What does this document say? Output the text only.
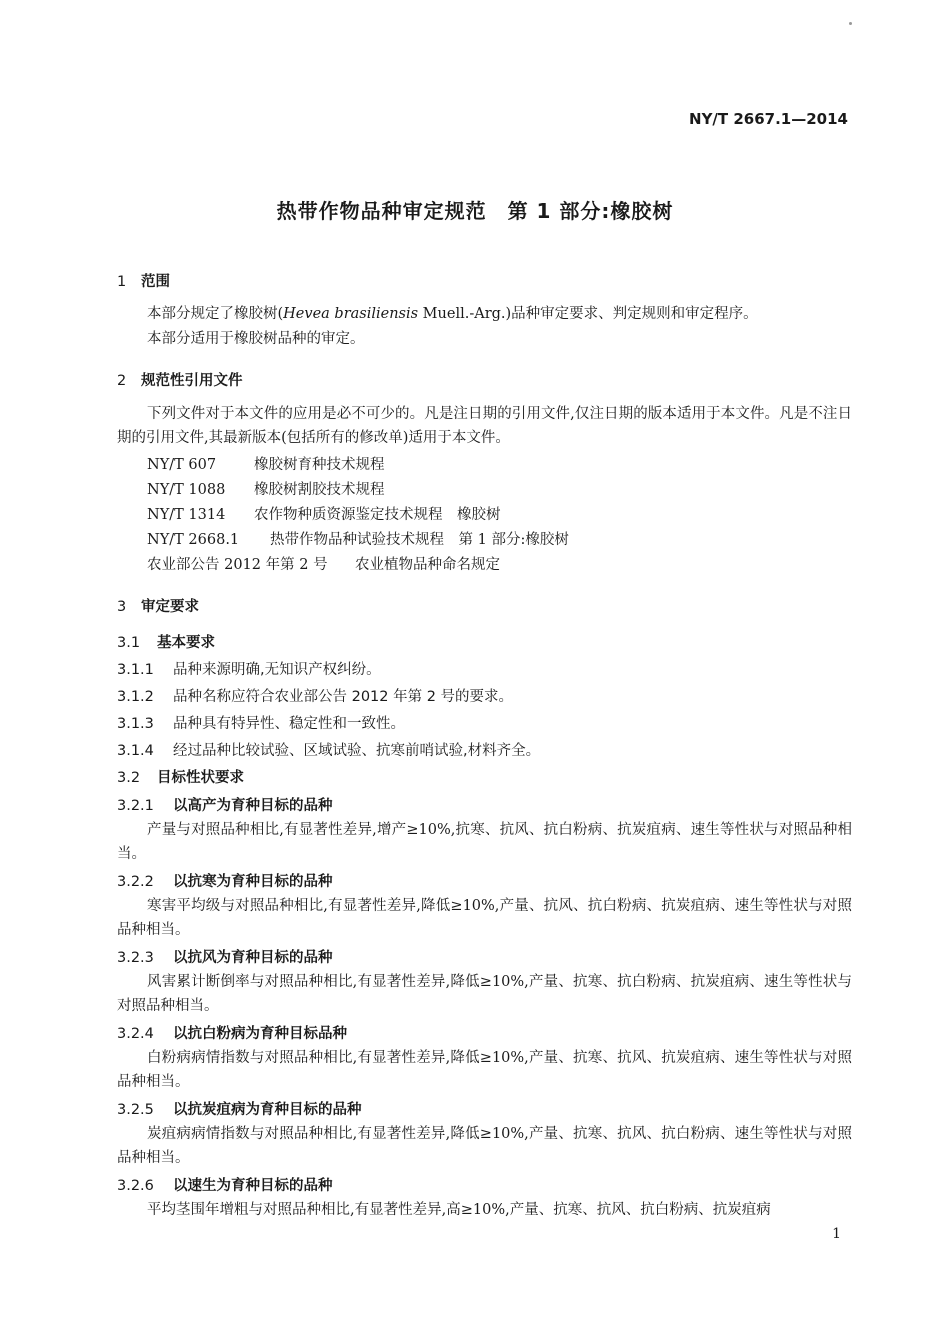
NY/T 2667.1—2014
热带作物品种审定规范　第 1 部分:橡胶树
1 范围
本部分规定了橡胶树(Hevea brasiliensis Muell.-Arg.)品种审定要求、判定规则和审定程序。
本部分适用于橡胶树品种的审定。
2 规范性引用文件
下列文件对于本文件的应用是必不可少的。凡是注日期的引用文件,仅注日期的版本适用于本文件。凡是不注日期的引用文件,其最新版本(包括所有的修改单)适用于本文件。
NY/T 607	橡胶树育种技术规程
NY/T 1088 橡胶树割胶技术规程
NY/T 1314 农作物种质资源鉴定技术规程　橡胶树
NY/T 2668.1 热带作物品种试验技术规程　第 1 部分:橡胶树
农业部公告 2012 年第 2 号 农业植物品种命名规定
3 审定要求
3.1 基本要求
3.1.1 品种来源明确,无知识产权纠纷。
3.1.2 品种名称应符合农业部公告 2012 年第 2 号的要求。
3.1.3 品种具有特异性、稳定性和一致性。
3.1.4 经过品种比较试验、区域试验、抗寒前哨试验,材料齐全。
3.2 目标性状要求
3.2.1 以高产为育种目标的品种
产量与对照品种相比,有显著性差异,增产≥10%,抗寒、抗风、抗白粉病、抗炭疽病、速生等性状与对照品种相当。
3.2.2 以抗寒为育种目标的品种
寒害平均级与对照品种相比,有显著性差异,降低≥10%,产量、抗风、抗白粉病、抗炭疽病、速生等性状与对照品种相当。
3.2.3 以抗风为育种目标的品种
风害累计断倒率与对照品种相比,有显著性差异,降低≥10%,产量、抗寒、抗白粉病、抗炭疽病、速生等性状与对照品种相当。
3.2.4 以抗白粉病为育种目标品种
白粉病病情指数与对照品种相比,有显著性差异,降低≥10%,产量、抗寒、抗风、抗炭疽病、速生等性状与对照品种相当。
3.2.5 以抗炭疽病为育种目标的品种
炭疽病病情指数与对照品种相比,有显著性差异,降低≥10%,产量、抗寒、抗风、抗白粉病、速生等性状与对照品种相当。
3.2.6 以速生为育种目标的品种
平均茎围年增粗与对照品种相比,有显著性差异,高≥10%,产量、抗寒、抗风、抗白粉病、抗炭疽病
1
